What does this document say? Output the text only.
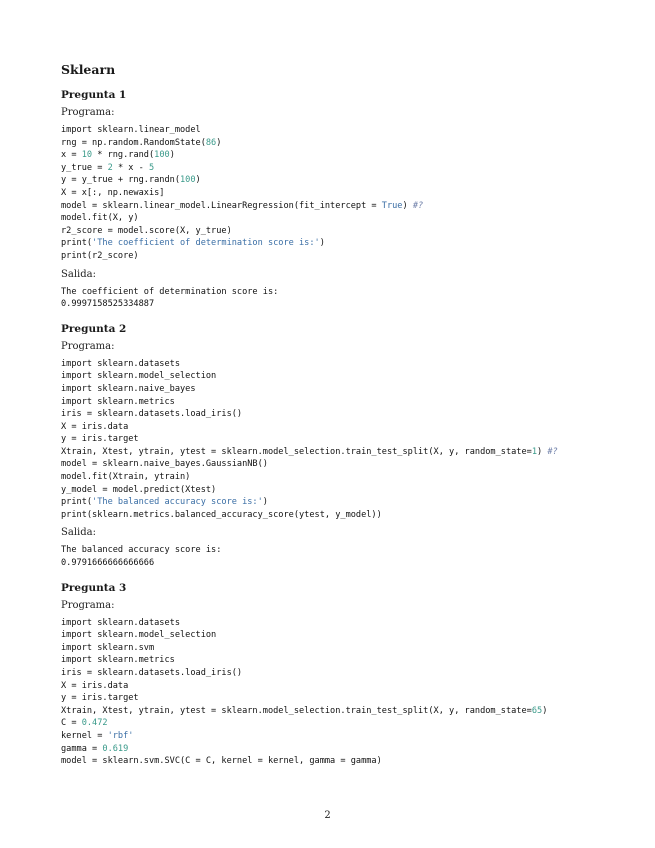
Sklearn
Pregunta 1

Programa:

import sklearn.linear_model
rng = np.random.RandomState(86)
x = 10 * rng.rand(100)
y_true = 2 * x - 5
y = y_true + rng.randn(100)
X = x[:, np.newaxis]
model = sklearn.linear_model.LinearRegression(fit_intercept = True) #?
model.fit(X, y)
r2_score = model.score(X, y_true)
print('The coefficient of determination score is:')
print(r2_score)

Salida:

The coefficient of determination score is:
0.9997158525334887
Pregunta 2

Programa:

import sklearn.datasets
import sklearn.model_selection
import sklearn.naive_bayes
import sklearn.metrics
iris = sklearn.datasets.load_iris()
X = iris.data
y = iris.target
Xtrain, Xtest, ytrain, ytest = sklearn.model_selection.train_test_split(X, y, random_state=1) #?
model = sklearn.naive_bayes.GaussianNB()
model.fit(Xtrain, ytrain)
y_model = model.predict(Xtest)
print('The balanced accuracy score is:')
print(sklearn.metrics.balanced_accuracy_score(ytest, y_model))

Salida:

The balanced accuracy score is:
0.9791666666666666
Pregunta 3

Programa:

import sklearn.datasets
import sklearn.model_selection
import sklearn.svm
import sklearn.metrics
iris = sklearn.datasets.load_iris()
X = iris.data
y = iris.target
Xtrain, Xtest, ytrain, ytest = sklearn.model_selection.train_test_split(X, y, random_state=65)
C = 0.472
kernel = 'rbf'
gamma = 0.619
model = sklearn.svm.SVC(C = C, kernel = kernel, gamma = gamma)
2
